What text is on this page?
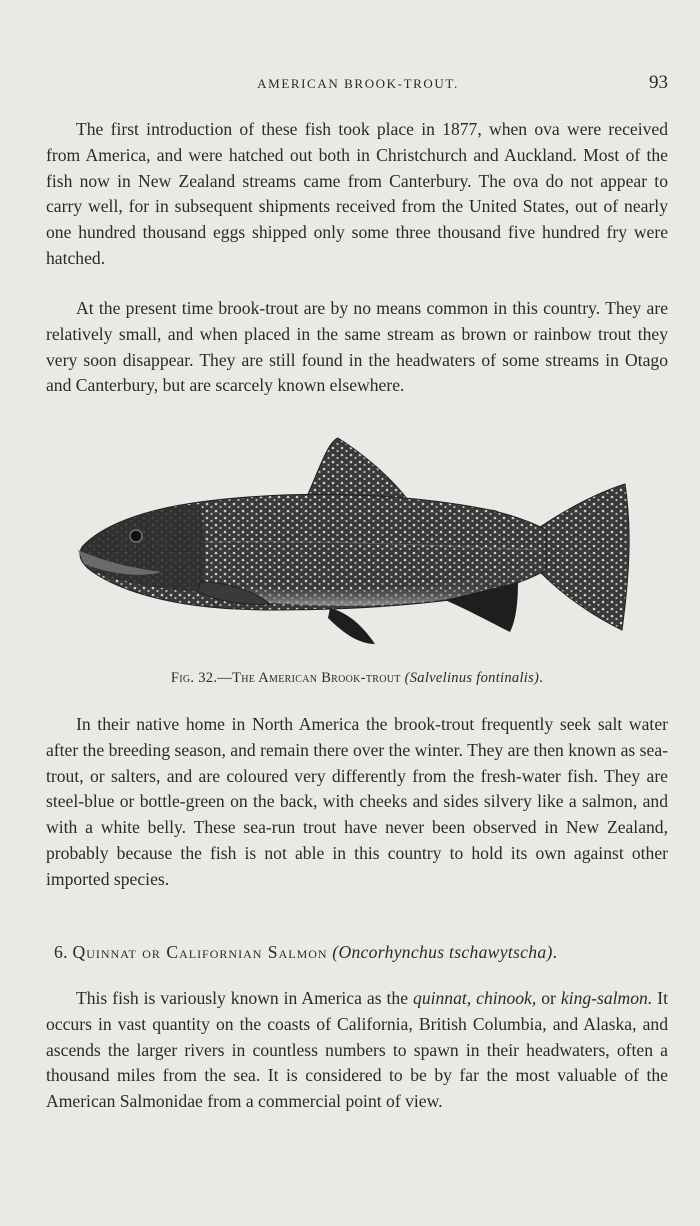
AMERICAN BROOK-TROUT.	93

The first introduction of these fish took place in 1877, when ova were received from America, and were hatched out both in Christchurch and Auckland. Most of the fish now in New Zealand streams came from Canterbury. The ova do not appear to carry well, for in subsequent shipments received from the United States, out of nearly one hundred thousand eggs shipped only some three thousand five hundred fry were hatched.

At the present time brook-trout are by no means common in this country. They are relatively small, and when placed in the same stream as brown or rainbow trout they very soon disappear. They are still found in the headwaters of some streams in Otago and Canterbury, but are scarcely known elsewhere.

Fig. 32.—The American Brook-trout (Salvelinus fontinalis).

In their native home in North America the brook-trout frequently seek salt water after the breeding season, and remain there over the winter. They are then known as sea-trout, or salters, and are coloured very differently from the fresh-water fish. They are steel-blue or bottle-green on the back, with cheeks and sides silvery like a salmon, and with a white belly. These sea-run trout have never been observed in New Zealand, probably because the fish is not able in this country to hold its own against other imported species.

6. Quinnat or Californian Salmon (Oncorhynchus tschawytscha).

This fish is variously known in America as the quinnat, chinook, or king-salmon. It occurs in vast quantity on the coasts of California, British Columbia, and Alaska, and ascends the larger rivers in countless numbers to spawn in their headwaters, often a thousand miles from the sea. It is considered to be by far the most valuable of the American Salmonidae from a commercial point of view.
